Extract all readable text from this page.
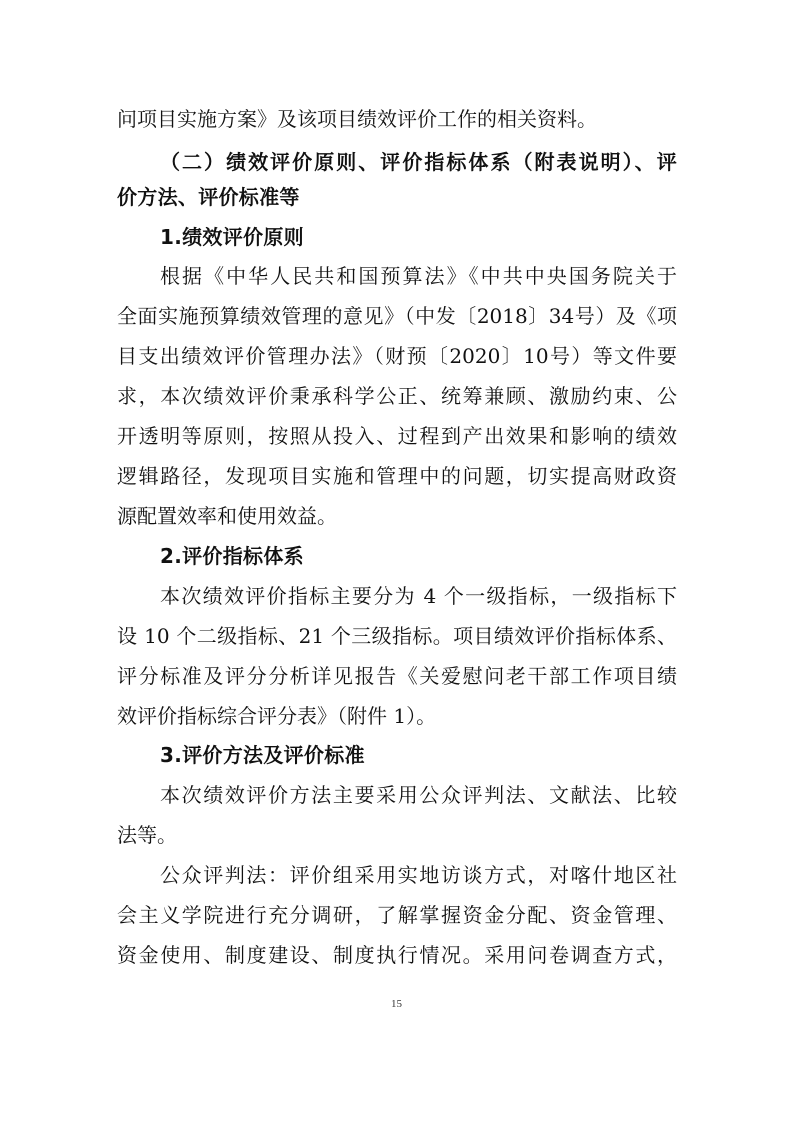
问项目实施方案》及该项目绩效评价工作的相关资料。
（二）绩效评价原则、评价指标体系（附表说明）、评
价方法、评价标准等
1.绩效评价原则
根据《中华人民共和国预算法》《中共中央国务院关于
全面实施预算绩效管理的意见》（中发〔2018〕34号）及《项
目支出绩效评价管理办法》（财预〔2020〕10号）等文件要
求，本次绩效评价秉承科学公正、统筹兼顾、激励约束、公
开透明等原则，按照从投入、过程到产出效果和影响的绩效
逻辑路径，发现项目实施和管理中的问题，切实提高财政资
源配置效率和使用效益。
2.评价指标体系
本次绩效评价指标主要分为 4 个一级指标，一级指标下
设 10 个二级指标、21 个三级指标。项目绩效评价指标体系、
评分标准及评分分析详见报告《关爱慰问老干部工作项目绩
效评价指标综合评分表》（附件 1）。
3.评价方法及评价标准
本次绩效评价方法主要采用公众评判法、文献法、比较
法等。
公众评判法：评价组采用实地访谈方式，对喀什地区社
会主义学院进行充分调研，了解掌握资金分配、资金管理、
资金使用、制度建设、制度执行情况。采用问卷调查方式，
15
